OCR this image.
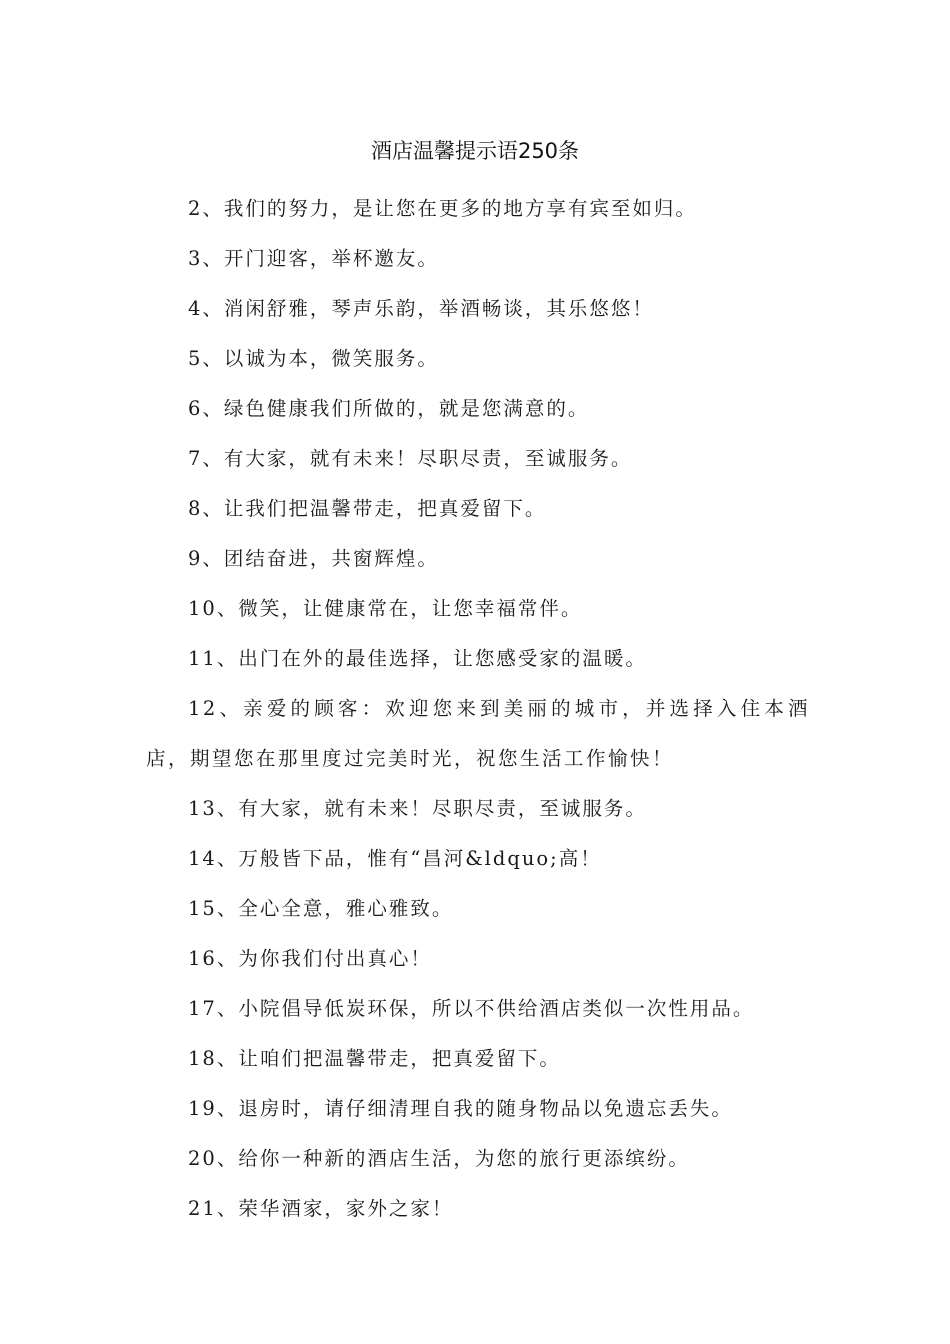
酒店温馨提示语250条
2、我们的努力，是让您在更多的地方享有宾至如归。
3、开门迎客，举杯邀友。
4、消闲舒雅，琴声乐韵，举酒畅谈，其乐悠悠！
5、以诚为本，微笑服务。
6、绿色健康我们所做的，就是您满意的。
7、有大家，就有未来！尽职尽责，至诚服务。
8、让我们把温馨带走，把真爱留下。
9、团结奋进，共窗辉煌。
10、微笑，让健康常在，让您幸福常伴。
11、出门在外的最佳选择，让您感受家的温暖。
12、亲爱的顾客：欢迎您来到美丽的城市，并选择入住本酒店，期望您在那里度过完美时光，祝您生活工作愉快！
13、有大家，就有未来！尽职尽责，至诚服务。
14、万般皆下品，惟有“昌河&ldquo;高！
15、全心全意，雅心雅致。
16、为你我们付出真心！
17、小院倡导低炭环保，所以不供给酒店类似一次性用品。
18、让咱们把温馨带走，把真爱留下。
19、退房时，请仔细清理自我的随身物品以免遗忘丢失。
20、给你一种新的酒店生活，为您的旅行更添缤纷。
21、荣华酒家，家外之家！
